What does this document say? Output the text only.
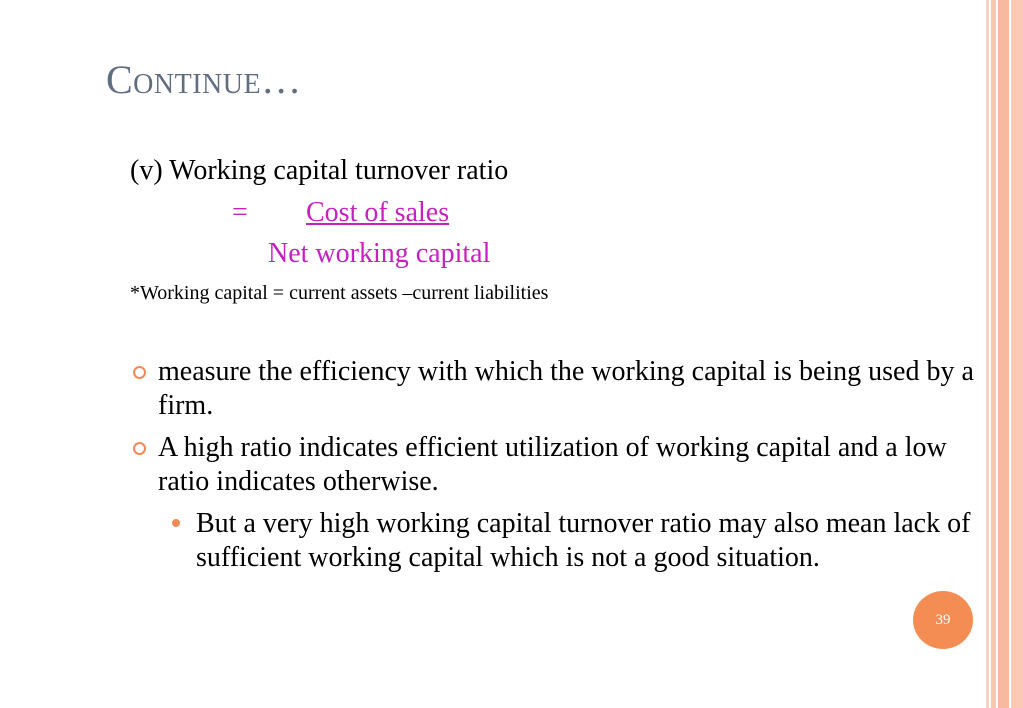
Continue…
(v) Working capital turnover ratio
= Cost of sales
Net working capital
*Working capital = current assets –current liabilities
measure the efficiency with which the working capital is being used by a firm.
A high ratio indicates efficient utilization of working capital and a low ratio indicates otherwise.
But a very high working capital turnover ratio may also mean lack of sufficient working capital which is not a good situation.
39
